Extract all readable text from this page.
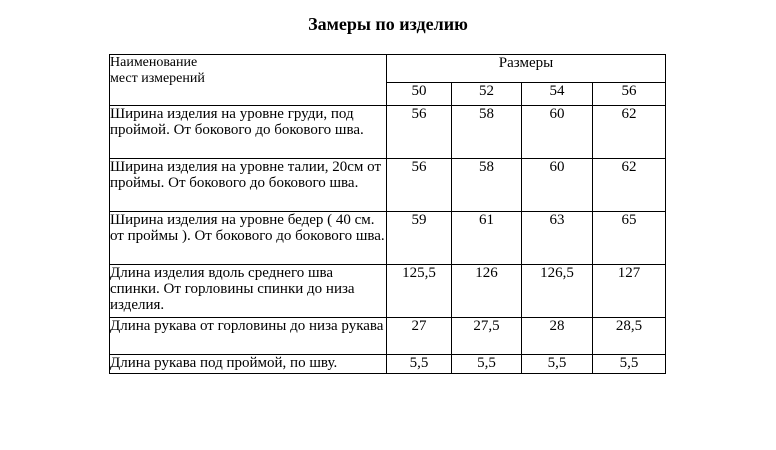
Замеры по изделию
Наименование
мест измерений	Размеры			
	50	52	54	56
Ширина изделия на уровне груди, под проймой. От бокового до бокового шва.	56	58	60	62
Ширина изделия на уровне талии, 20см от проймы. От бокового до бокового шва.	56	58	60	62
Ширина изделия на уровне бедер ( 40 см. от проймы ). От бокового до бокового шва.	59	61	63	65
Длина изделия вдоль среднего шва спинки. От горловины спинки до низа изделия.	125,5	126	126,5	127
Длина рукава от горловины до низа рукава	27	27,5	28	28,5
Длина рукава под проймой, по шву.	5,5	5,5	5,5	5,5
